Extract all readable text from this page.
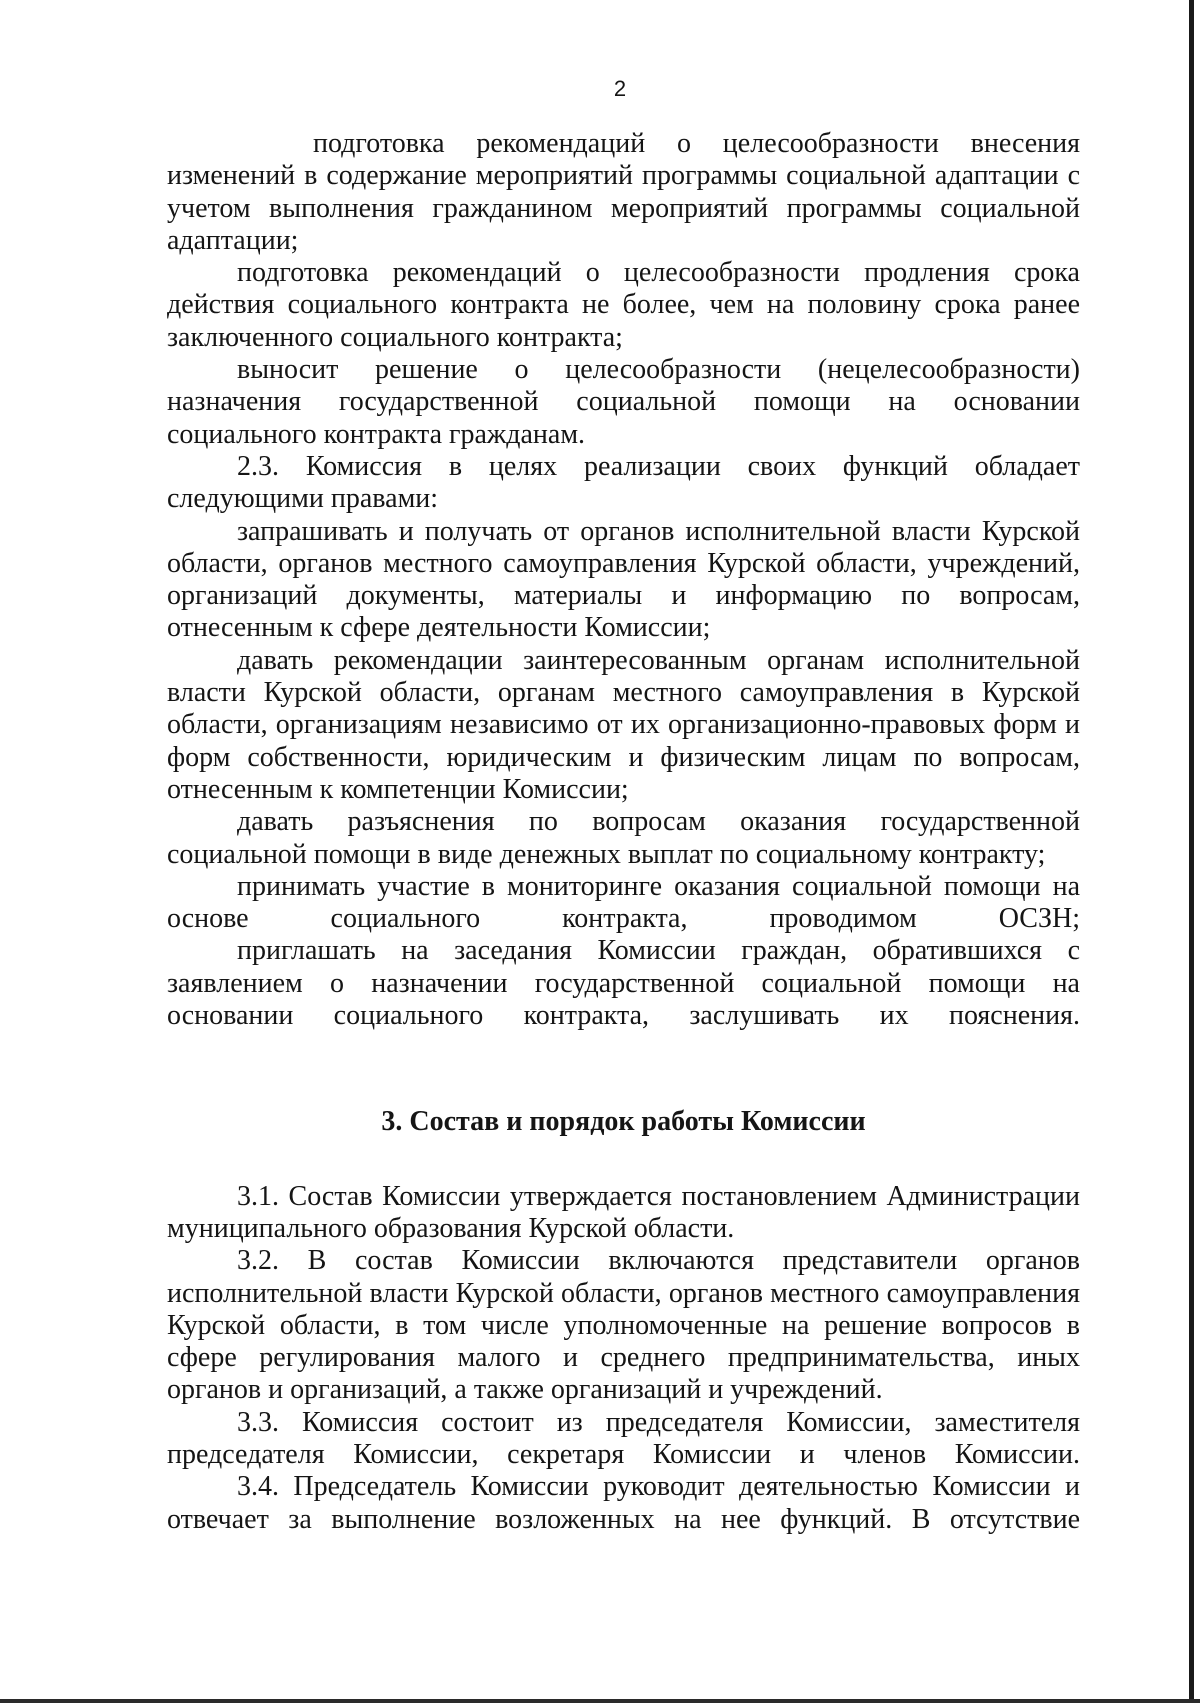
2

подготовка рекомендаций о целесообразности внесения изменений в содержание мероприятий программы социальной адаптации с учетом выполнения гражданином мероприятий программы социальной адаптации;

подготовка рекомендаций о целесообразности продления срока действия социального контракта не более, чем на половину срока ранее заключенного социального контракта;

выносит решение о целесообразности (нецелесообразности) назначения государственной социальной помощи на основании социального контракта гражданам.

2.3. Комиссия в целях реализации своих функций обладает следующими правами:

запрашивать и получать от органов исполнительной власти Курской области, органов местного самоуправления Курской области, учреждений, организаций документы, материалы и информацию по вопросам, отнесенным к сфере деятельности Комиссии;

давать рекомендации заинтересованным органам исполнительной власти Курской области, органам местного самоуправления в Курской области, организациям независимо от их организационно-правовых форм и форм собственности, юридическим и физическим лицам по вопросам, отнесенным к компетенции Комиссии;

давать разъяснения по вопросам оказания государственной социальной помощи в виде денежных выплат по социальному контракту;

принимать участие в мониторинге оказания социальной помощи на основе социального контракта, проводимом ОСЗН;

приглашать на заседания Комиссии граждан, обратившихся с заявлением о назначении государственной социальной помощи на основании социального контракта, заслушивать их пояснения.

3. Состав и порядок работы Комиссии

3.1. Состав Комиссии утверждается постановлением Администрации муниципального образования Курской области.

3.2. В состав Комиссии включаются представители органов исполнительной власти Курской области, органов местного самоуправления Курской области, в том числе уполномоченные на решение вопросов в сфере регулирования малого и среднего предпринимательства, иных органов и организаций, а также организаций и учреждений.

3.3. Комиссия состоит из председателя Комиссии, заместителя председателя Комиссии, секретаря Комиссии и членов Комиссии.

3.4. Председатель Комиссии руководит деятельностью Комиссии и отвечает за выполнение возложенных на нее функций. В отсутствие
